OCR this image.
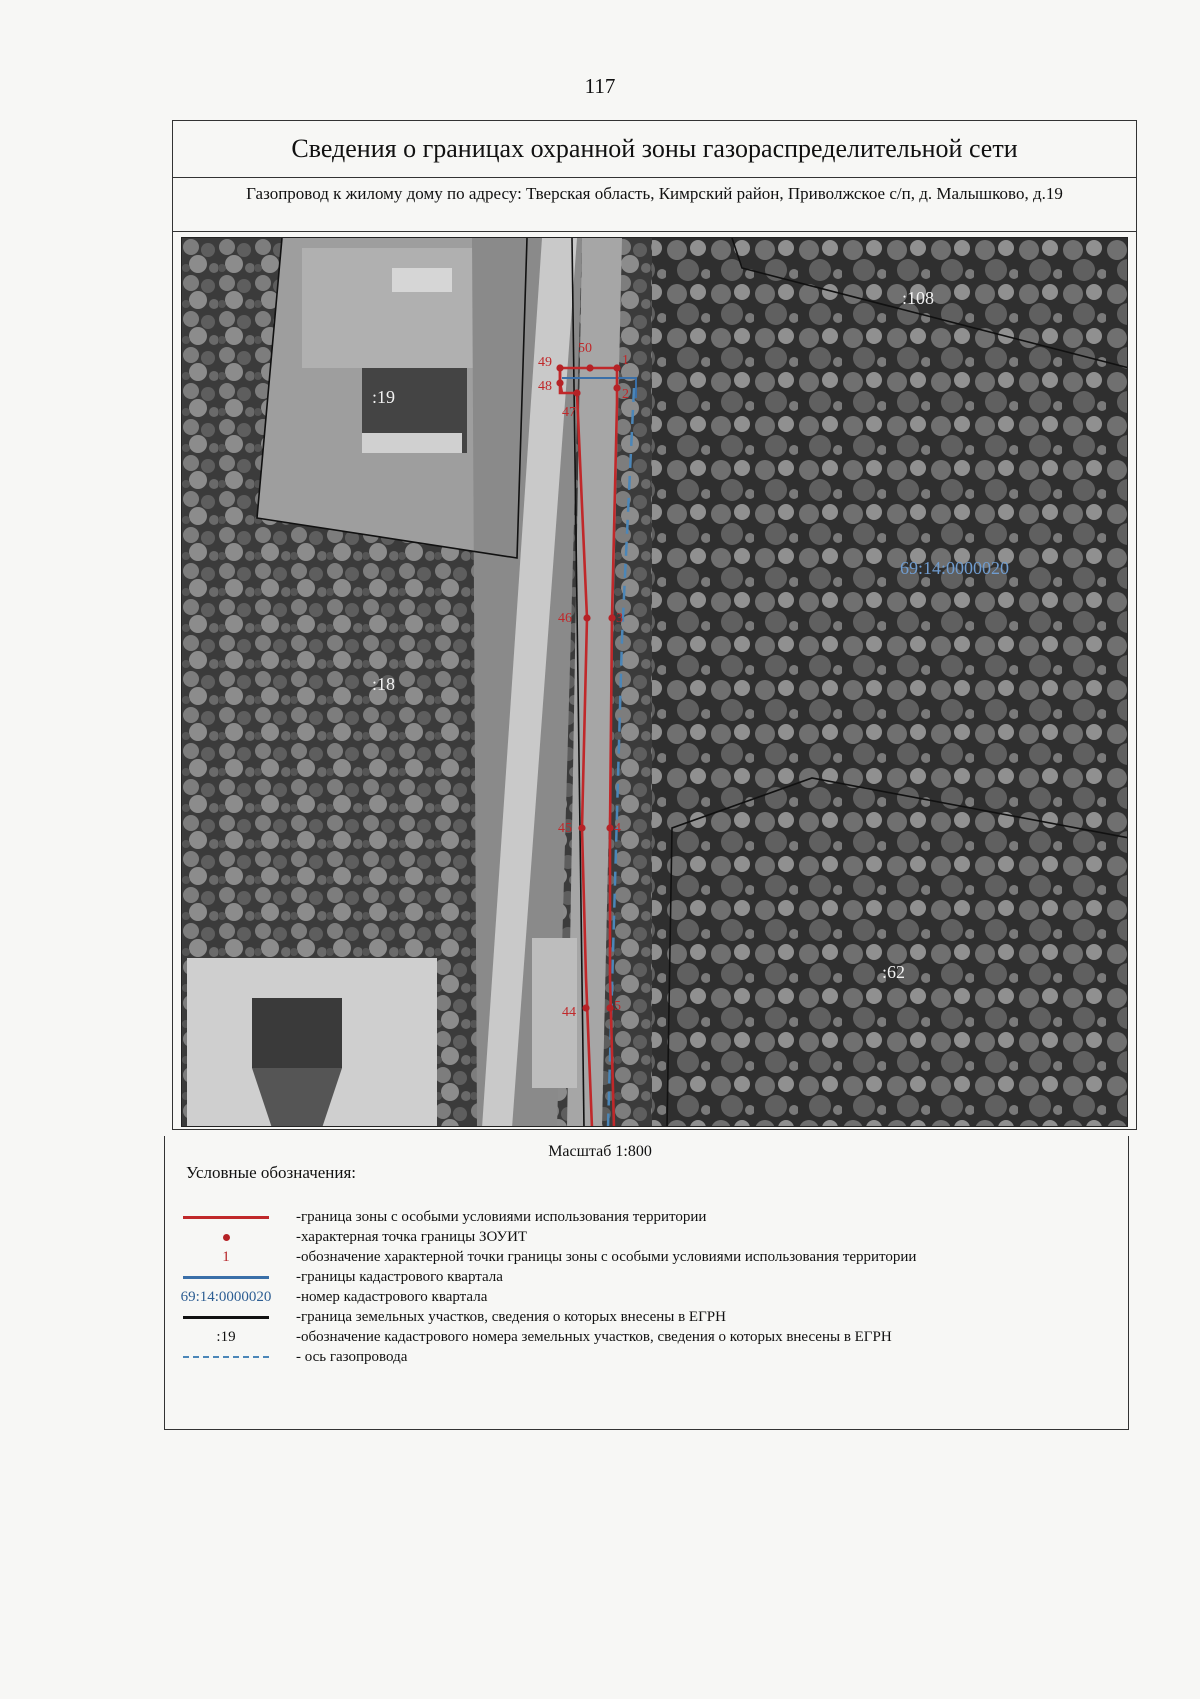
117
Сведения о границах охранной зоны газораспределительной сети
Газопровод к жилому дому по адресу: Тверская область, Кимрский район, Приволжское с/п, д. Малышково, д.19
1
2
3
4
5
44
45
46
47
48
49
50
:108
:19
:18
:62
69:14:0000020
Масштаб 1:800
Условные обозначения:
-граница зоны с особыми условиями использования территории
-характерная точка границы ЗОУИТ
1	-обозначение характерной точки границы зоны с особыми условиями использования территории
-границы кадастрового квартала
69:14:0000020	-номер кадастрового квартала
-граница земельных участков, сведения о которых внесены в ЕГРН
:19	-обозначение кадастрового номера земельных участков, сведения о которых внесены в ЕГРН
- ось газопровода
